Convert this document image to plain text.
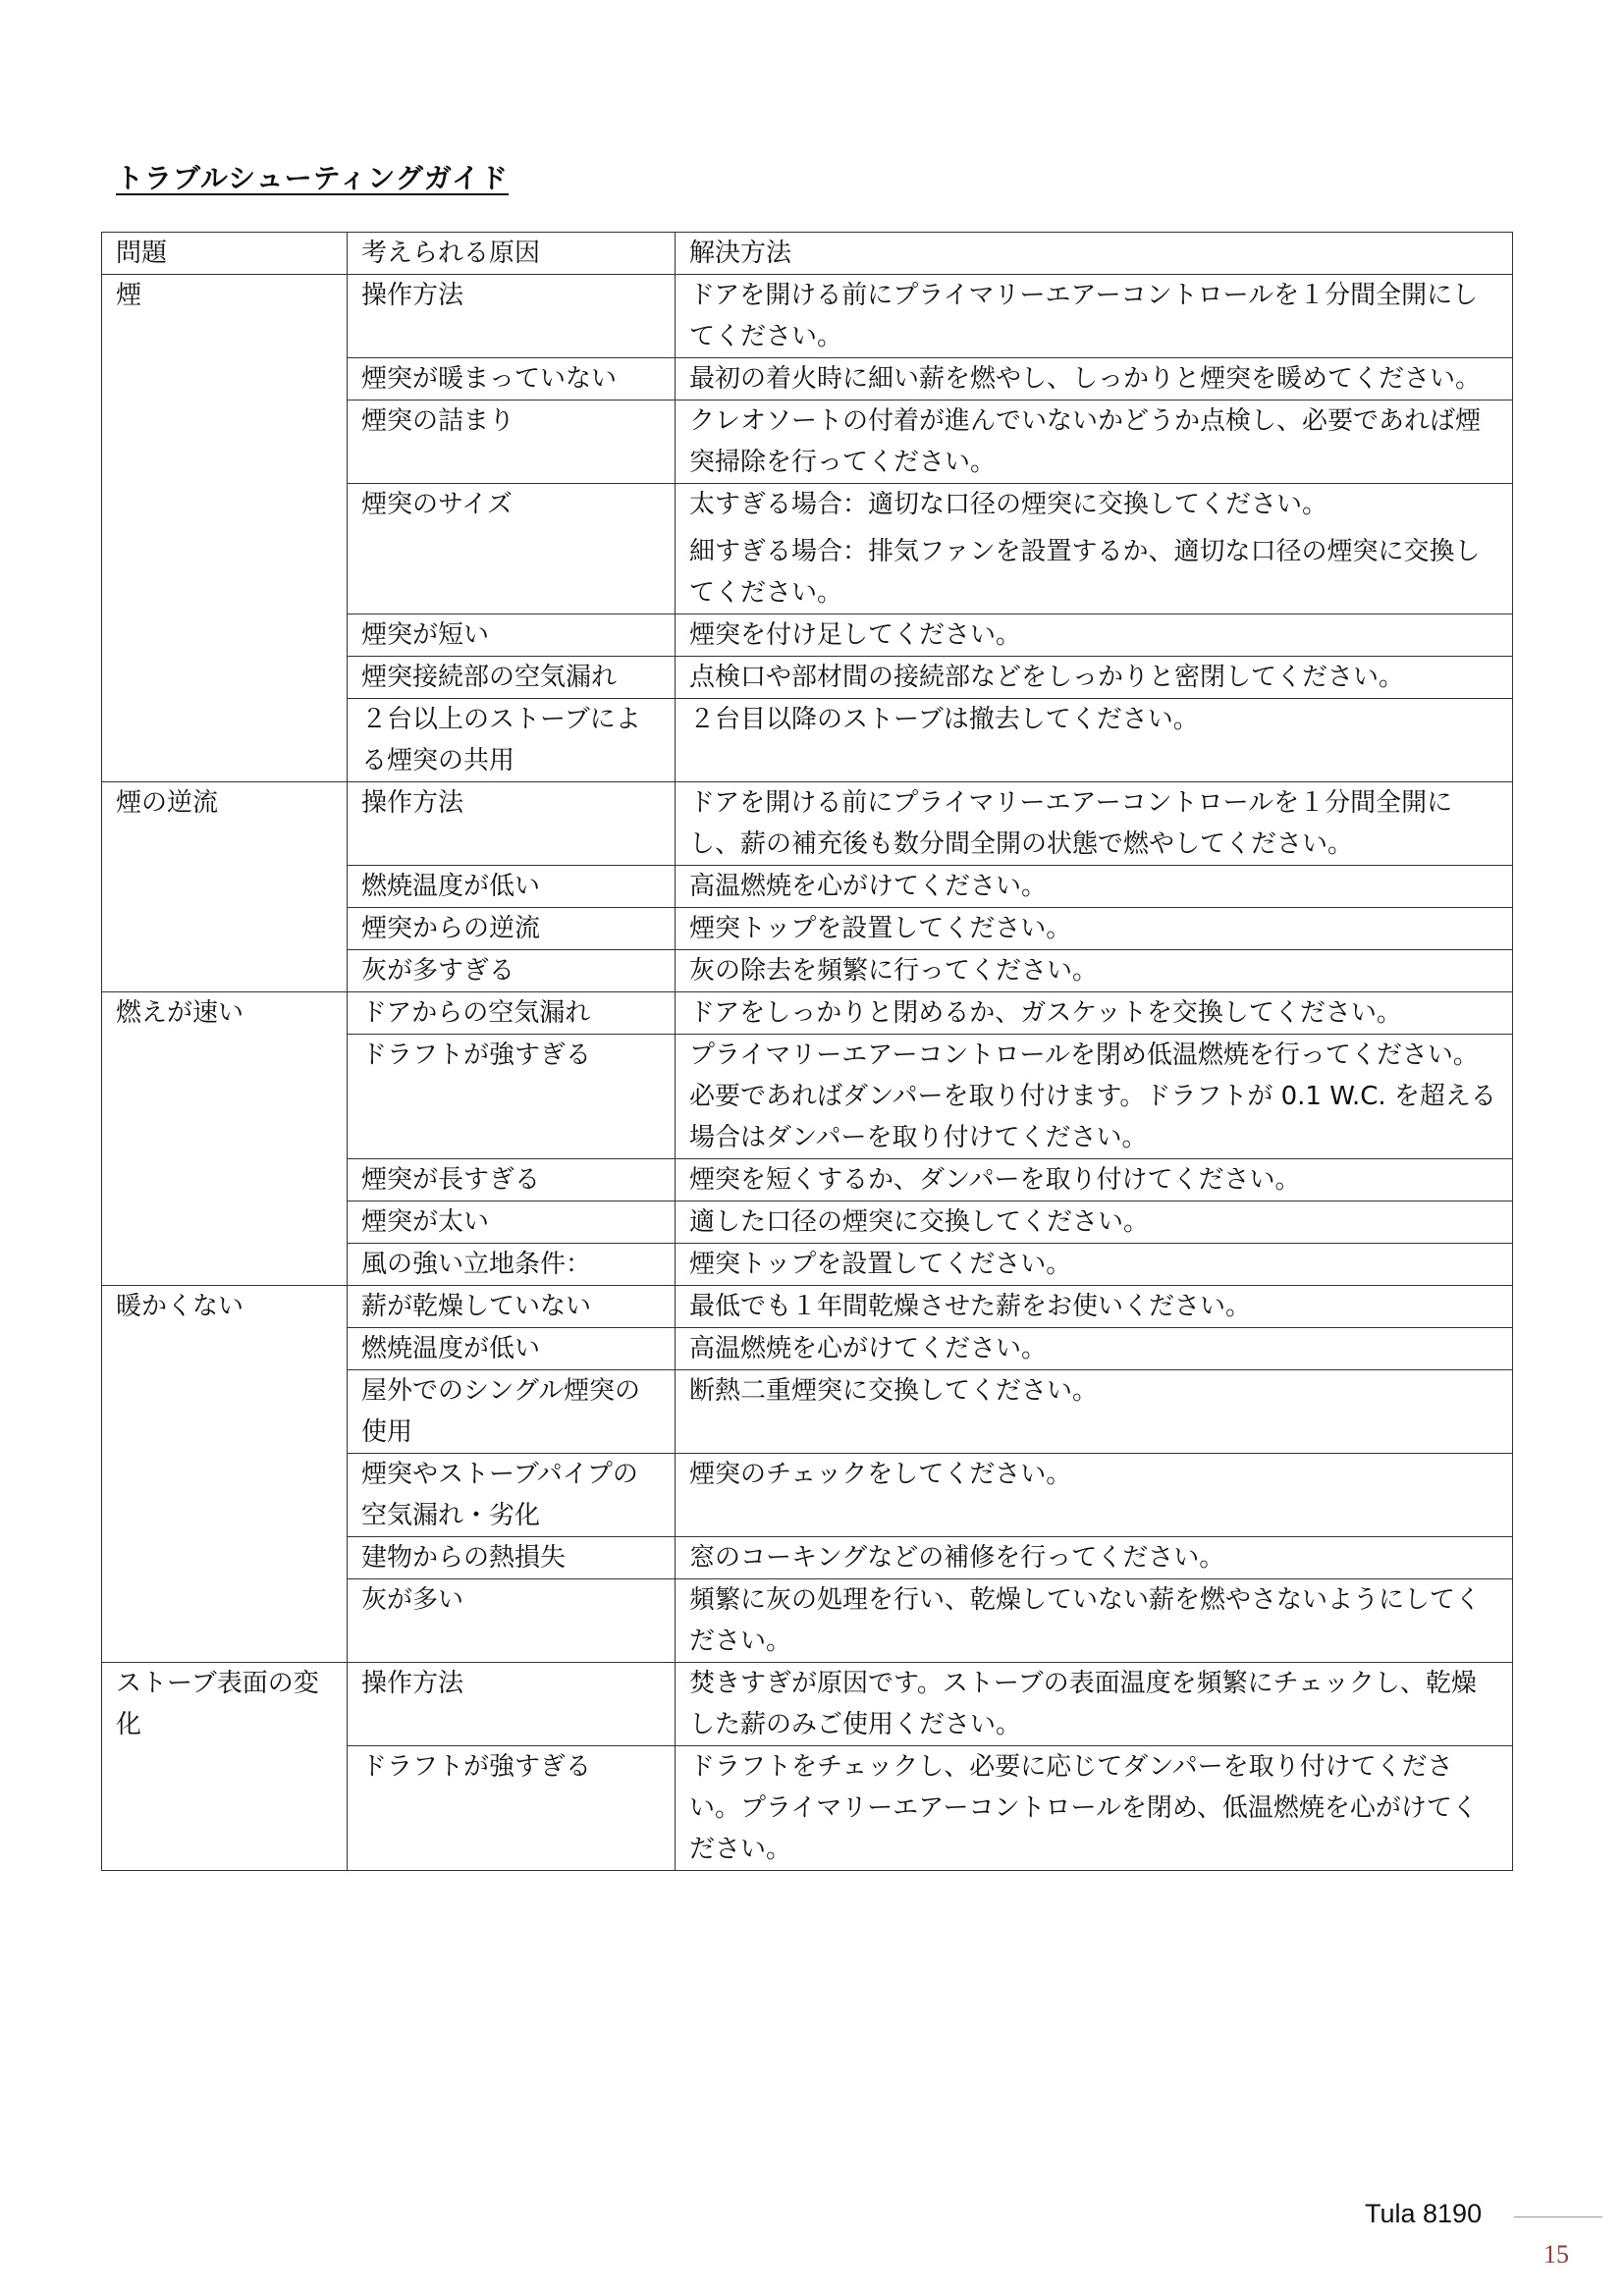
トラブルシューティングガイド
問題	考えられる原因	解決方法
煙	操作方法	ドアを開ける前にプライマリーエアーコントロールを１分間全開にしてください。

	煙突が暖まっていない	最初の着火時に細い薪を燃やし、しっかりと煙突を暖めてください。

	煙突の詰まり	クレオソートの付着が進んでいないかどうか点検し、必要であれば煙突掃除を行ってください。

	煙突のサイズ	太すぎる場合：適切な口径の煙突に交換してください。
細すぎる場合：排気ファンを設置するか、適切な口径の煙突に交換してください。

	煙突が短い	煙突を付け足してください。

	煙突接続部の空気漏れ	点検口や部材間の接続部などをしっかりと密閉してください。

	２台以上のストーブによる煙突の共用	２台目以降のストーブは撤去してください。

煙の逆流	操作方法	ドアを開ける前にプライマリーエアーコントロールを１分間全開にし、薪の補充後も数分間全開の状態で燃やしてください。

	燃焼温度が低い	高温燃焼を心がけてください。

	煙突からの逆流	煙突トップを設置してください。

	灰が多すぎる	灰の除去を頻繁に行ってください。

燃えが速い	ドアからの空気漏れ	ドアをしっかりと閉めるか、ガスケットを交換してください。

	ドラフトが強すぎる	プライマリーエアーコントロールを閉め低温燃焼を行ってください。必要であればダンパーを取り付けます。ドラフトが 0.1 W.C. を超える場合はダンパーを取り付けてください。

	煙突が長すぎる	煙突を短くするか、ダンパーを取り付けてください。

	煙突が太い	適した口径の煙突に交換してください。

	風の強い立地条件：	煙突トップを設置してください。

暖かくない	薪が乾燥していない	最低でも１年間乾燥させた薪をお使いください。

	燃焼温度が低い	高温燃焼を心がけてください。

	屋外でのシングル煙突の使用	断熱二重煙突に交換してください。

	煙突やストーブパイプの空気漏れ・劣化	煙突のチェックをしてください。

	建物からの熱損失	窓のコーキングなどの補修を行ってください。

	灰が多い	頻繁に灰の処理を行い、乾燥していない薪を燃やさないようにしてください。

ストーブ表面の変化	操作方法	焚きすぎが原因です。ストーブの表面温度を頻繁にチェックし、乾燥した薪のみご使用ください。

	ドラフトが強すぎる	ドラフトをチェックし、必要に応じてダンパーを取り付けてください。プライマリーエアーコントロールを閉め、低温燃焼を心がけてください。
Tula 8190
15
